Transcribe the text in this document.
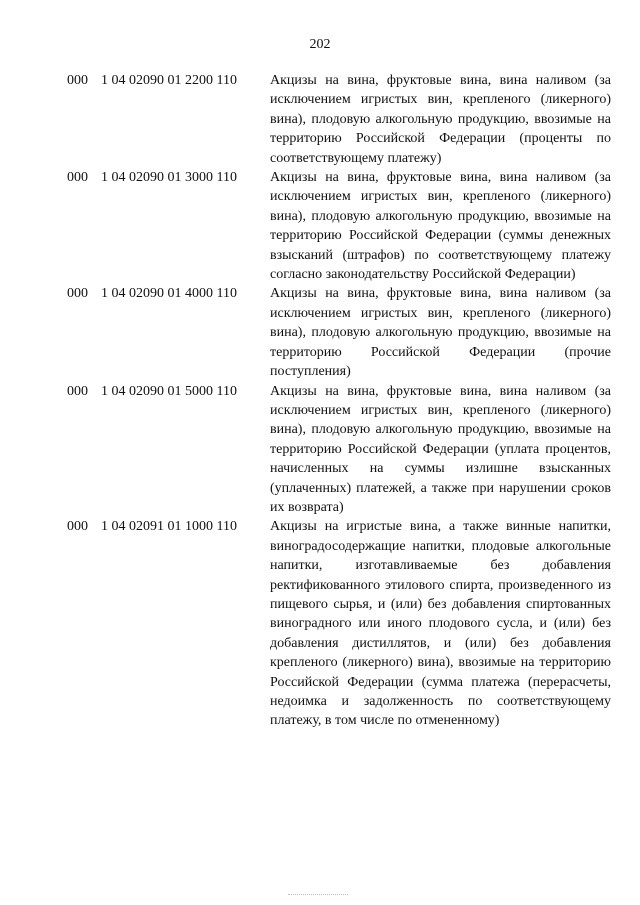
202
000 1 04 02090 01 2200 110 Акцизы на вина, фруктовые вина, вина наливом (за исключением игристых вин, крепленого (ликерного) вина), плодовую алкогольную продукцию, ввозимые на территорию Российской Федерации (проценты по соответствующему платежу)
000 1 04 02090 01 3000 110 Акцизы на вина, фруктовые вина, вина наливом (за исключением игристых вин, крепленого (ликерного) вина), плодовую алкогольную продукцию, ввозимые на территорию Российской Федерации (суммы денежных взысканий (штрафов) по соответствующему платежу согласно законодательству Российской Федерации)
000 1 04 02090 01 4000 110 Акцизы на вина, фруктовые вина, вина наливом (за исключением игристых вин, крепленого (ликерного) вина), плодовую алкогольную продукцию, ввозимые на территорию Российской Федерации (прочие поступления)
000 1 04 02090 01 5000 110 Акцизы на вина, фруктовые вина, вина наливом (за исключением игристых вин, крепленого (ликерного) вина), плодовую алкогольную продукцию, ввозимые на территорию Российской Федерации (уплата процентов, начисленных на суммы излишне взысканных (уплаченных) платежей, а также при нарушении сроков их возврата)
000 1 04 02091 01 1000 110 Акцизы на игристые вина, а также винные напитки, виноградосодержащие напитки, плодовые алкогольные напитки, изготавливаемые без добавления ректификованного этилового спирта, произведенного из пищевого сырья, и (или) без добавления спиртованных виноградного или иного плодового сусла, и (или) без добавления дистиллятов, и (или) без добавления крепленого (ликерного) вина), ввозимые на территорию Российской Федерации (сумма платежа (перерасчеты, недоимка и задолженность по соответствующему платежу, в том числе по отмененному)
